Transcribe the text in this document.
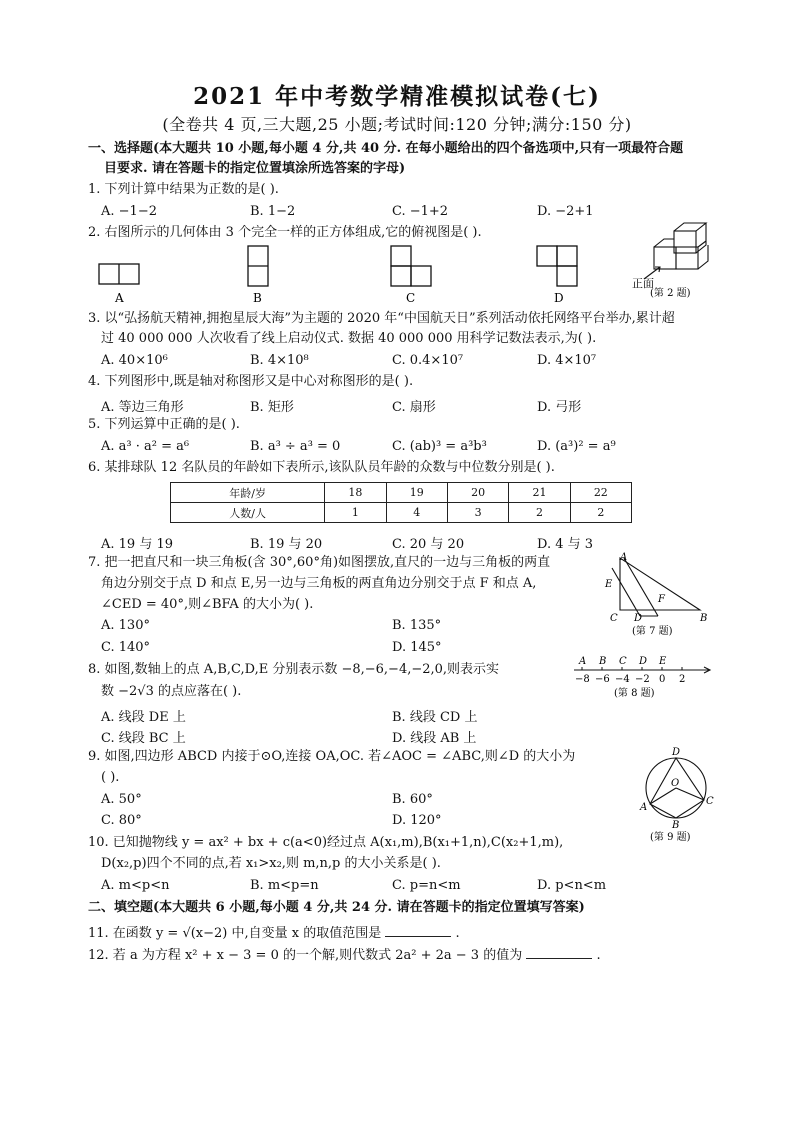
2021 年中考数学精准模拟试卷(七)
(全卷共 4 页,三大题,25 小题;考试时间:120 分钟;满分:150 分)
一、选择题(本大题共 10 小题,每小题 4 分,共 40 分. 在每小题给出的四个备选项中,只有一项最符合题
目要求. 请在答题卡的指定位置填涂所选答案的字母)
1. 下列计算中结果为正数的是( ).
A. −1−2	B. 1−2	C. −1+2	D. −2+1
2. 右图所示的几何体由 3 个完全一样的正方体组成,它的俯视图是( ).
A	B	C	D
正面
(第 2 题)
3. 以“弘扬航天精神,拥抱星辰大海”为主题的 2020 年“中国航天日”系列活动依托网络平台举办,累计超
过 40 000 000 人次收看了线上启动仪式. 数据 40 000 000 用科学记数法表示,为( ).
A. 40×10⁶	B. 4×10⁸	C. 0.4×10⁷	D. 4×10⁷
4. 下列图形中,既是轴对称图形又是中心对称图形的是( ).
A. 等边三角形	B. 矩形	C. 扇形	D. 弓形
5. 下列运算中正确的是( ).
A. a³ · a² = a⁶	B. a³ ÷ a³ = 0	C. (ab)³ = a³b³	D. (a³)² = a⁹
6. 某排球队 12 名队员的年龄如下表所示,该队队员年龄的众数与中位数分别是( ).
年龄/岁	18	19	20	21	22
人数/人	1	4	3	2	2
A. 19 与 19	B. 19 与 20	C. 20 与 20	D. 4 与 3
7. 把一把直尺和一块三角板(含 30°,60°角)如图摆放,直尺的一边与三角板的两直
角边分别交于点 D 和点 E,另一边与三角板的两直角边分别交于点 F 和点 A,
∠CED = 40°,则∠BFA 的大小为( ).
A. 130°	B. 135°
C. 140°	D. 145°
A
E
F
C D	B
(第 7 题)
8. 如图,数轴上的点 A,B,C,D,E 分别表示数 −8,−6,−4,−2,0,则表示实
数 −2√3 的点应落在( ).
A. 线段 DE 上	B. 线段 CD 上
C. 线段 BC 上	D. 线段 AB 上
A B C D E
−8 −6 −4 −2 0 2
(第 8 题)
9. 如图,四边形 ABCD 内接于⊙O,连接 OA,OC. 若∠AOC = ∠ABC,则∠D 的大小为
( ).
A. 50°	B. 60°
C. 80°	D. 120°
D
O
A
C
B
(第 9 题)
10. 已知抛物线 y = ax² + bx + c(a<0)经过点 A(x₁,m),B(x₁+1,n),C(x₂+1,m),
D(x₂,p)四个不同的点,若 x₁>x₂,则 m,n,p 的大小关系是( ).
A. m<p<n	B. m<p=n	C. p=n<m	D. p<n<m
二、填空题(本大题共 6 小题,每小题 4 分,共 24 分. 请在答题卡的指定位置填写答案)
11. 在函数 y = √(x−2) 中,自变量 x 的取值范围是	.
12. 若 a 为方程 x² + x − 3 = 0 的一个解,则代数式 2a² + 2a − 3 的值为	.
